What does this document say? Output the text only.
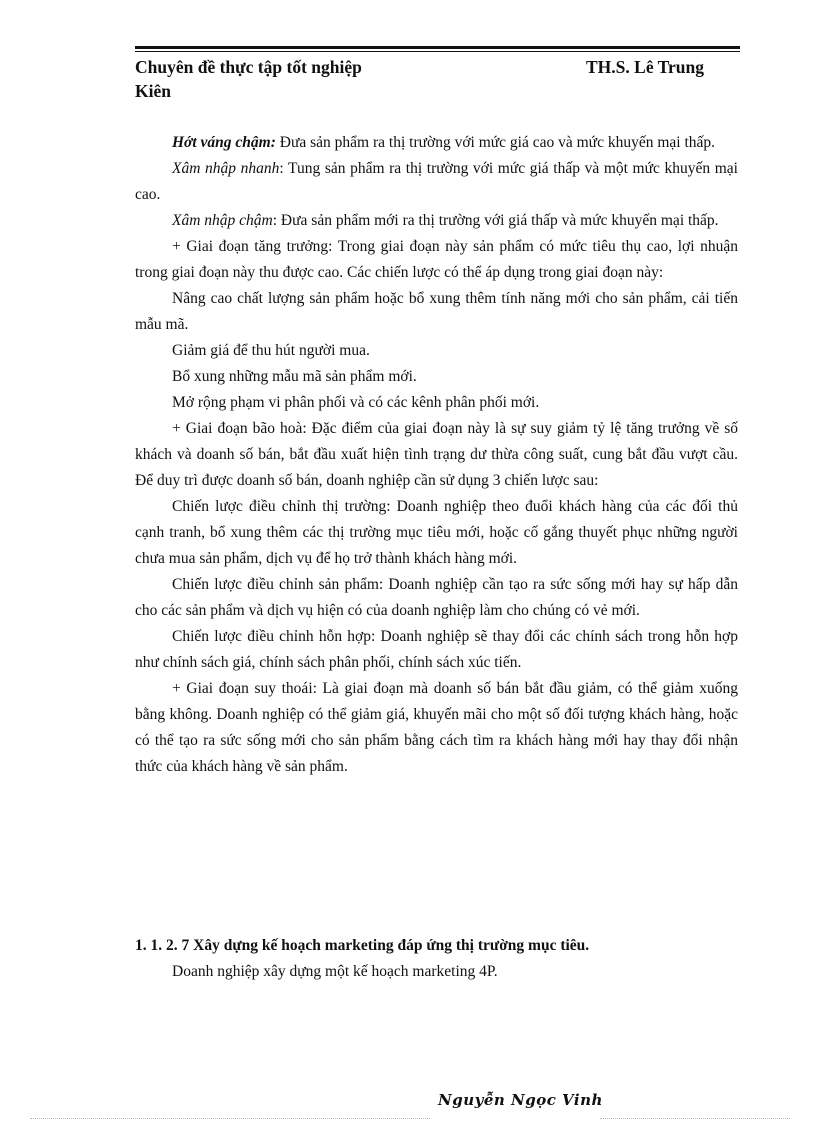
Chuyên đề thực tập tốt nghiệp	TH.S. Lê Trung
Kiên

Hớt váng chậm: Đưa sản phẩm ra thị trường với mức giá cao và mức khuyến mại thấp.

Xâm nhập nhanh: Tung sản phẩm ra thị trường với mức giá thấp và một mức khuyến mại cao.

Xâm nhập chậm: Đưa sản phẩm mới ra thị trường với giá thấp và mức khuyến mại thấp.

+ Giai đoạn tăng trưởng: Trong giai đoạn này sản phẩm có mức tiêu thụ cao, lợi nhuận trong giai đoạn này thu được cao. Các chiến lược có thể áp dụng trong giai đoạn này:

Nâng cao chất lượng sản phẩm hoặc bổ xung thêm tính năng mới cho sản phẩm, cải tiến mẫu mã.

Giảm giá để thu hút người mua.

Bổ xung những mẫu mã sản phẩm mới.

Mở rộng phạm vi phân phối và có các kênh phân phối mới.

+ Giai đoạn bão hoà: Đặc điểm của giai đoạn này là sự suy giảm tỷ lệ tăng trưởng về số khách và doanh số bán, bắt đầu xuất hiện tình trạng dư thừa công suất, cung bắt đầu vượt cầu. Để duy trì được doanh số bán, doanh nghiệp cần sử dụng 3 chiến lược sau:

Chiến lược điều chỉnh thị trường: Doanh nghiệp theo đuổi khách hàng của các đối thủ cạnh tranh, bổ xung thêm các thị trường mục tiêu mới, hoặc cố gắng thuyết phục những người chưa mua sản phẩm, dịch vụ để họ trở thành khách hàng mới.

Chiến lược điều chỉnh sản phẩm: Doanh nghiệp cần tạo ra sức sống mới hay sự hấp dẫn cho các sản phẩm và dịch vụ hiện có của doanh nghiệp làm cho chúng có vẻ mới.

Chiến lược điều chỉnh hỗn hợp: Doanh nghiệp sẽ thay đổi các chính sách trong hỗn hợp như chính sách giá, chính sách phân phối, chính sách xúc tiến.

+ Giai đoạn suy thoái: Là giai đoạn mà doanh số bán bắt đầu giảm, có thể giảm xuống bằng không. Doanh nghiệp có thể giảm giá, khuyến mãi cho một số đối tượng khách hàng, hoặc có thể tạo ra sức sống mới cho sản phẩm bằng cách tìm ra khách hàng mới hay thay đổi nhận thức của khách hàng về sản phẩm.

1. 1. 2. 7 Xây dựng kế hoạch marketing đáp ứng thị trường mục tiêu.
Doanh nghiệp xây dựng một kế hoạch marketing 4P.
Nguyễn Ngọc Vinh
